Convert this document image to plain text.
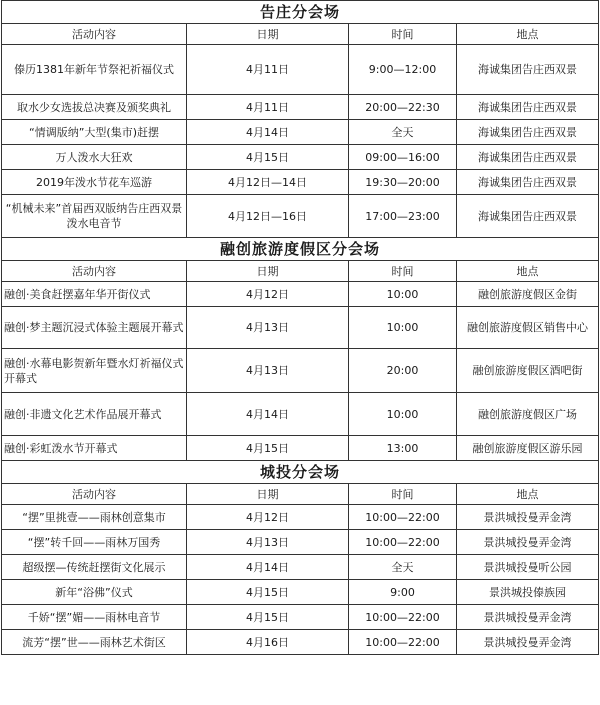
告庄分会场			
活动内容	日期	时间	地点
傣历1381年新年节祭祀祈福仪式	4月11日	9:00—12:00	海诚集团告庄西双景
取水少女选拔总决赛及颁奖典礼	4月11日	20:00—22:30	海诚集团告庄西双景
“情调版纳”大型(集市)赶摆	4月14日	全天	海诚集团告庄西双景
万人泼水大狂欢	4月15日	09:00—16:00	海诚集团告庄西双景
2019年泼水节花车巡游	4月12日—14日	19:30—20:00	海诚集团告庄西双景
“机械未来”首届西双版纳告庄西双景泼水电音节	4月12日—16日	17:00—23:00	海诚集团告庄西双景
融创旅游度假区分会场			
活动内容	日期	时间	地点
融创·美食赶摆嘉年华开街仪式	4月12日	10:00	融创旅游度假区金街
融创·梦主题沉浸式体验主题展开幕式	4月13日	10:00	融创旅游度假区销售中心
融创·水幕电影贺新年暨水灯祈福仪式开幕式	4月13日	20:00	融创旅游度假区酒吧街
融创·非遗文化艺术作品展开幕式	4月14日	10:00	融创旅游度假区广场
融创·彩虹泼水节开幕式	4月15日	13:00	融创旅游度假区游乐园
城投分会场			
活动内容	日期	时间	地点
“摆”里挑壹——雨林创意集市	4月12日	10:00—22:00	景洪城投曼弄金湾
“摆”转千回——雨林万国秀	4月13日	10:00—22:00	景洪城投曼弄金湾
超级摆—传统赶摆街文化展示	4月14日	全天	景洪城投曼听公园
新年“浴佛”仪式	4月15日	9:00	景洪城投傣族园
千娇“摆”媚——雨林电音节	4月15日	10:00—22:00	景洪城投曼弄金湾
流芳“摆”世——雨林艺术街区	4月16日	10:00—22:00	景洪城投曼弄金湾
